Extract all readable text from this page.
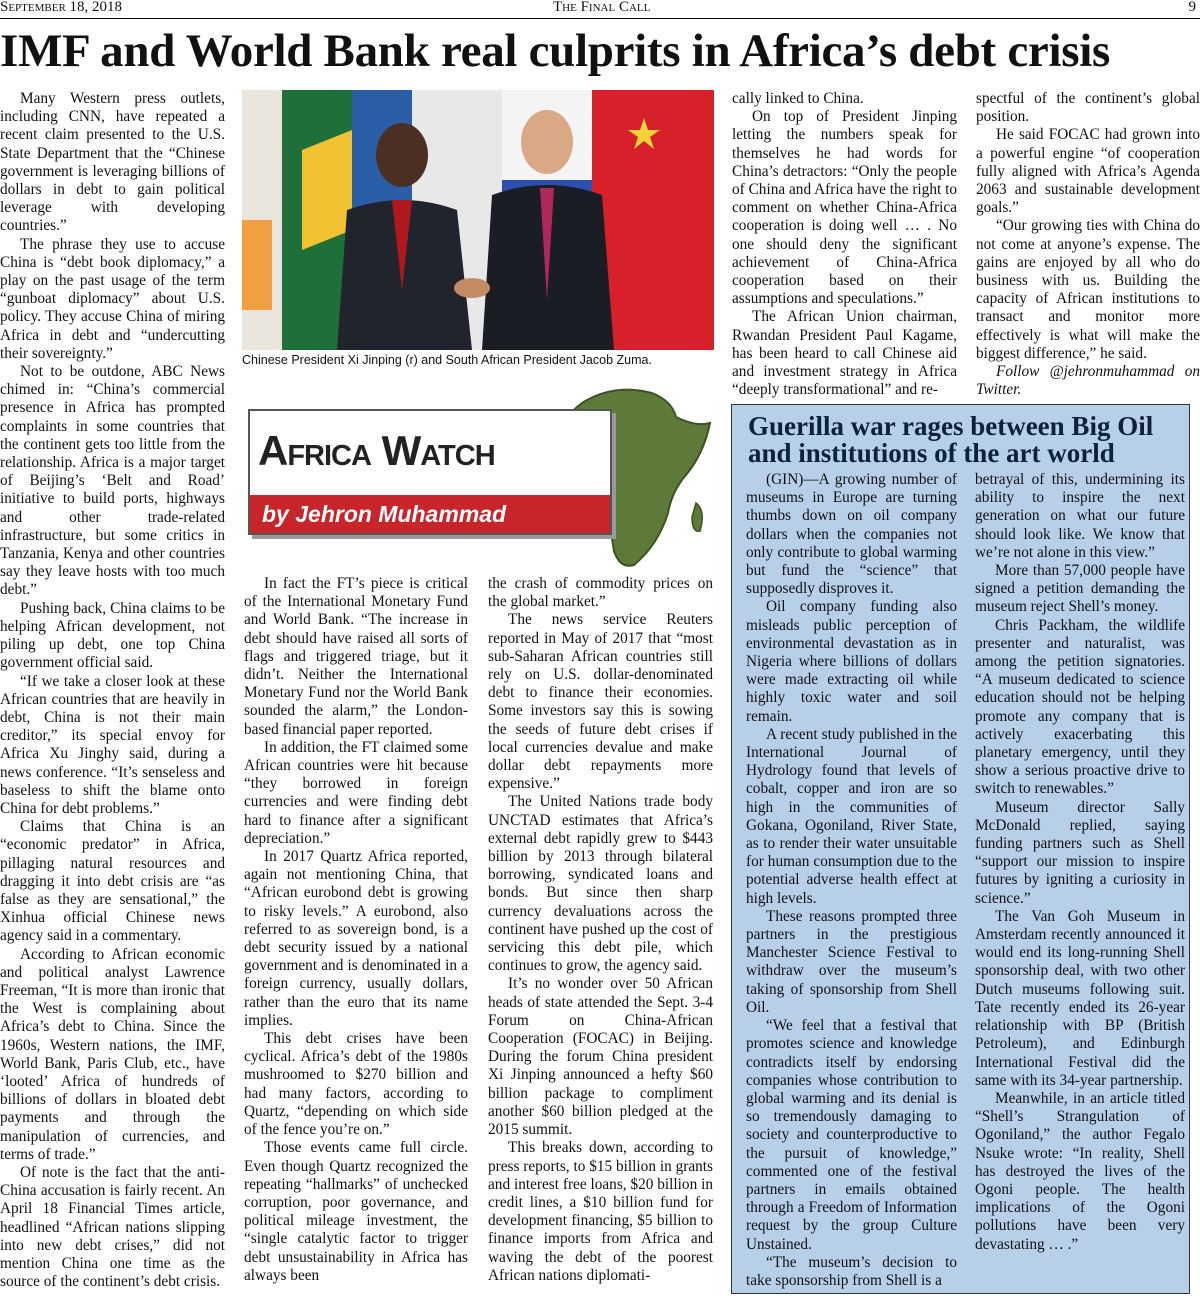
September 18, 2018	The Final Call	9
IMF and World Bank real culprits in Africa’s debt crisis

Many Western press outlets, including CNN, have repeated a recent claim presented to the U.S. State Department that the “Chinese government is leveraging billions of dollars in debt to gain political leverage with developing countries.”

The phrase they use to accuse China is “debt book diplomacy,” a play on the past usage of the term “gunboat diplomacy” about U.S. policy. They accuse China of miring Africa in debt and “undercutting their sovereignty.”

Not to be outdone, ABC News chimed in: “China’s commercial presence in Africa has prompted complaints in some countries that the continent gets too little from the relationship. Africa is a major target of Beijing’s ‘Belt and Road’ initiative to build ports, highways and other trade-related infrastructure, but some critics in Tanzania, Kenya and other countries say they leave hosts with too much debt.”

Pushing back, China claims to be helping African development, not piling up debt, one top China government official said.

“If we take a closer look at these African countries that are heavily in debt, China is not their main creditor,” its special envoy for Africa Xu Jinghy said, during a news conference. “It’s senseless and baseless to shift the blame onto China for debt problems.”

Claims that China is an “economic predator” in Africa, pillaging natural resources and dragging it into debt crisis are “as false as they are sensational,” the Xinhua official Chinese news agency said in a commentary.

According to African economic and political analyst Lawrence Freeman, “It is more than ironic that the West is complaining about Africa’s debt to China. Since the 1960s, Western nations, the IMF, World Bank, Paris Club, etc., have ‘looted’ Africa of hundreds of billions of dollars in bloated debt payments and through the manipulation of currencies, and terms of trade.”

Of note is the fact that the anti-China accusation is fairly recent. An April 18 Financial Times article, headlined “African nations slipping into new debt crises,” did not mention China one time as the source of the continent’s debt crisis.

Chinese President Xi Jinping (r) and South African President Jacob Zuma.
Africa Watch
by Jehron Muhammad

In fact the FT’s piece is critical of the International Monetary Fund and World Bank. “The increase in debt should have raised all sorts of flags and triggered triage, but it didn’t. Neither the International Monetary Fund nor the World Bank sounded the alarm,” the London-based financial paper reported.

In addition, the FT claimed some African countries were hit because “they borrowed in foreign currencies and were finding debt hard to finance after a significant depreciation.”

In 2017 Quartz Africa reported, again not mentioning China, that “African eurobond debt is growing to risky levels.” A eurobond, also referred to as sovereign bond, is a debt security issued by a national government and is denominated in a foreign currency, usually dollars, rather than the euro that its name implies.

This debt crises have been cyclical. Africa’s debt of the 1980s mushroomed to $270 billion and had many factors, according to Quartz, “depending on which side of the fence you’re on.”

Those events came full circle. Even though Quartz recognized the repeating “hallmarks” of unchecked corruption, poor governance, and political mileage investment, the “single catalytic factor to trigger debt unsustainability in Africa has always been

the crash of commodity prices on the global market.”

The news service Reuters reported in May of 2017 that “most sub-Saharan African countries still rely on U.S. dollar-denominated debt to finance their economies. Some investors say this is sowing the seeds of future debt crises if local currencies devalue and make dollar debt repayments more expensive.”

The United Nations trade body UNCTAD estimates that Africa’s external debt rapidly grew to $443 billion by 2013 through bilateral borrowing, syndicated loans and bonds. But since then sharp currency devaluations across the continent have pushed up the cost of servicing this debt pile, which continues to grow, the agency said.

It’s no wonder over 50 African heads of state attended the Sept. 3-4 Forum on China-African Cooperation (FOCAC) in Beijing. During the forum China president Xi Jinping announced a hefty $60 billion package to compliment another $60 billion pledged at the 2015 summit.

This breaks down, according to press reports, to $15 billion in grants and interest free loans, $20 billion in credit lines, a $10 billion fund for development financing, $5 billion to finance imports from Africa and waving the debt of the poorest African nations diplomati-

cally linked to China.

On top of President Jinping letting the numbers speak for themselves he had words for China’s detractors: “Only the people of China and Africa have the right to comment on whether China-Africa cooperation is doing well … . No one should deny the significant achievement of China-Africa cooperation based on their assumptions and speculations.”

The African Union chairman, Rwandan President Paul Kagame, has been heard to call Chinese aid and investment strategy in Africa “deeply transformational” and re-

spectful of the continent’s global position.

He said FOCAC had grown into a powerful engine “of cooperation fully aligned with Africa’s Agenda 2063 and sustainable development goals.”

“Our growing ties with China do not come at anyone’s expense. The gains are enjoyed by all who do business with us. Building the capacity of African institutions to transact and monitor more effectively is what will make the biggest difference,” he said.

Follow @jehronmuhammad on Twitter.

Guerilla war rages between Big Oil and institutions of the art world

(GIN)—A growing number of museums in Europe are turning thumbs down on oil company dollars when the companies not only contribute to global warming but fund the “science” that supposedly disproves it.

Oil company funding also misleads public perception of environmental devastation as in Nigeria where billions of dollars were made extracting oil while highly toxic water and soil remain.

A recent study published in the International Journal of Hydrology found that levels of cobalt, copper and iron are so high in the communities of Gokana, Ogoniland, River State, as to render their water unsuitable for human consumption due to the potential adverse health effect at high levels.

These reasons prompted three partners in the prestigious Manchester Science Festival to withdraw over the museum’s taking of sponsorship from Shell Oil.

“We feel that a festival that promotes science and knowledge contradicts itself by endorsing companies whose contribution to global warming and its denial is so tremendously damaging to society and counterproductive to the pursuit of knowledge,” commented one of the festival partners in emails obtained through a Freedom of Information request by the group Culture Unstained.

“The museum’s decision to take sponsorship from Shell is a

betrayal of this, undermining its ability to inspire the next generation on what our future should look like. We know that we’re not alone in this view.”

More than 57,000 people have signed a petition demanding the museum reject Shell’s money.

Chris Packham, the wildlife presenter and naturalist, was among the petition signatories. “A museum dedicated to science education should not be helping promote any company that is actively exacerbating this planetary emergency, until they show a serious proactive drive to switch to renewables.”

Museum director Sally McDonald replied, saying funding partners such as Shell “support our mission to inspire futures by igniting a curiosity in science.”

The Van Goh Museum in Amsterdam recently announced it would end its long-running Shell sponsorship deal, with two other Dutch museums following suit. Tate recently ended its 26-year relationship with BP (British Petroleum), and Edinburgh International Festival did the same with its 34-year partnership.

Meanwhile, in an article titled “Shell’s Strangulation of Ogoniland,” the author Fegalo Nsuke wrote: “In reality, Shell has destroyed the lives of the Ogoni people. The health implications of the Ogoni pollutions have been very devastating … .”
